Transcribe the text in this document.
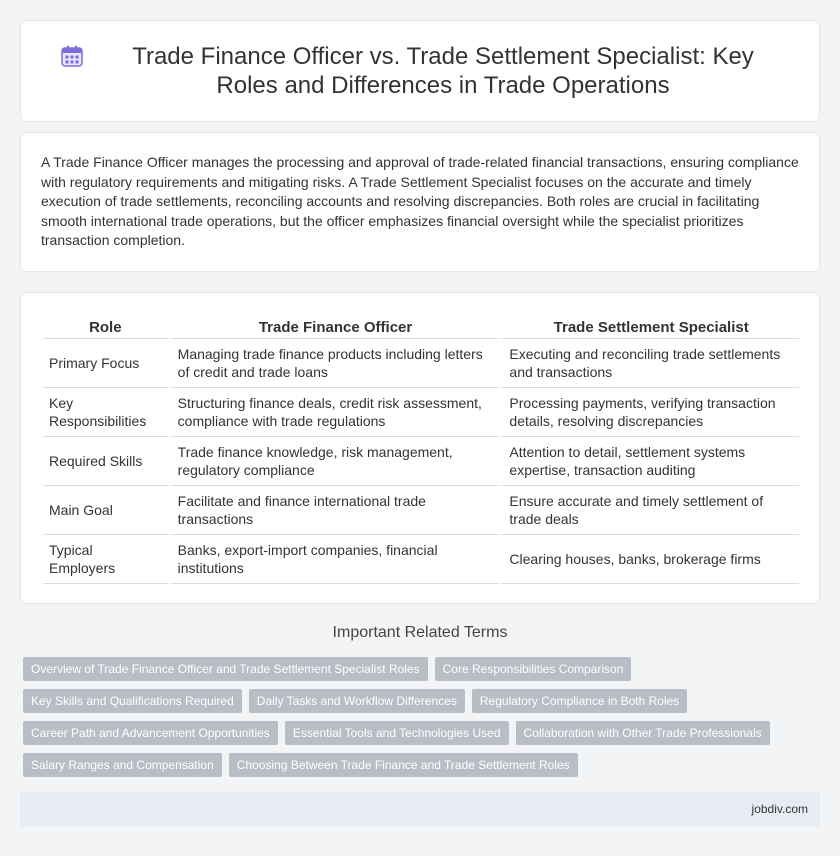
Trade Finance Officer vs. Trade Settlement Specialist: Key Roles and Differences in Trade Operations

A Trade Finance Officer manages the processing and approval of trade-related financial transactions, ensuring compliance with regulatory requirements and mitigating risks. A Trade Settlement Specialist focuses on the accurate and timely execution of trade settlements, reconciling accounts and resolving discrepancies. Both roles are crucial in facilitating smooth international trade operations, but the officer emphasizes financial oversight while the specialist prioritizes transaction completion.

Role	Trade Finance Officer	Trade Settlement Specialist
Primary Focus	Managing trade finance products including letters of credit and trade loans	Executing and reconciling trade settlements and transactions
Key Responsibilities	Structuring finance deals, credit risk assessment, compliance with trade regulations	Processing payments, verifying transaction details, resolving discrepancies
Required Skills	Trade finance knowledge, risk management, regulatory compliance	Attention to detail, settlement systems expertise, transaction auditing
Main Goal	Facilitate and finance international trade transactions	Ensure accurate and timely settlement of trade deals
Typical Employers	Banks, export-import companies, financial institutions	Clearing houses, banks, brokerage firms
Important Related Terms
Overview of Trade Finance Officer and Trade Settlement Specialist Roles	Core Responsibilities Comparison
Key Skills and Qualifications Required	Daily Tasks and Workflow Differences	Regulatory Compliance in Both Roles
Career Path and Advancement Opportunities	Essential Tools and Technologies Used	Collaboration with Other Trade Professionals
Salary Ranges and Compensation	Choosing Between Trade Finance and Trade Settlement Roles
jobdiv.com
